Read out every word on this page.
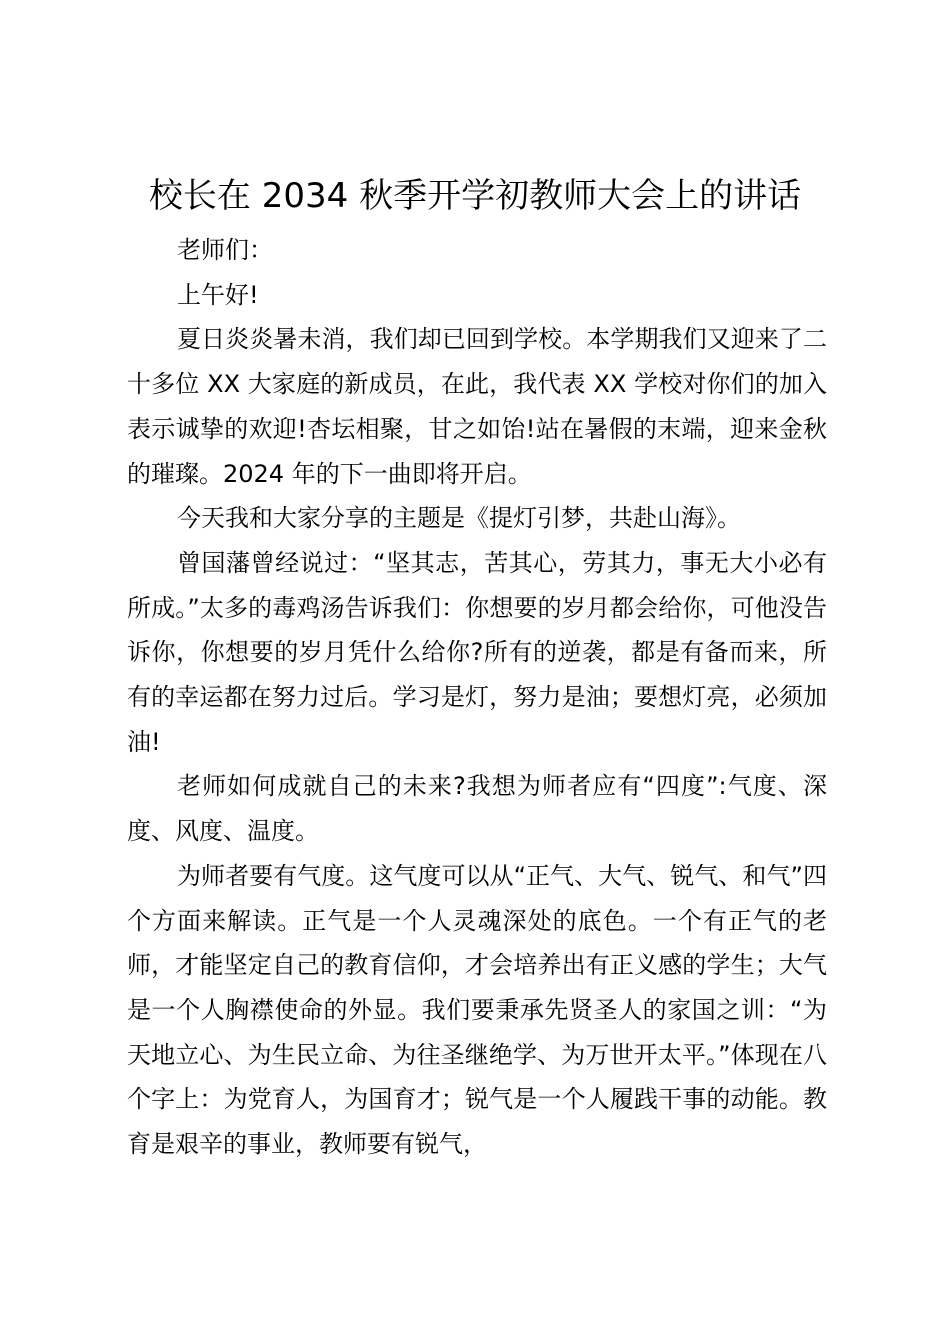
校长在 2034 秋季开学初教师大会上的讲话

老师们：

上午好!

夏日炎炎暑未消，我们却已回到学校。本学期我们又迎来了二十多位 XX 大家庭的新成员，在此，我代表 XX 学校对你们的加入表示诚挚的欢迎!杏坛相聚，甘之如饴!站在暑假的末端，迎来金秋的璀璨。2024 年的下一曲即将开启。

今天我和大家分享的主题是《提灯引梦，共赴山海》。

曾国藩曾经说过：“坚其志，苦其心，劳其力，事无大小必有所成。”太多的毒鸡汤告诉我们：你想要的岁月都会给你，可他没告诉你，你想要的岁月凭什么给你?所有的逆袭，都是有备而来，所有的幸运都在努力过后。学习是灯，努力是油；要想灯亮，必须加油!

老师如何成就自己的未来?我想为师者应有“四度”:气度、深度、风度、温度。

为师者要有气度。这气度可以从“正气、大气、锐气、和气”四个方面来解读。正气是一个人灵魂深处的底色。一个有正气的老师，才能坚定自己的教育信仰，才会培养出有正义感的学生；大气是一个人胸襟使命的外显。我们要秉承先贤圣人的家国之训：“为天地立心、为生民立命、为往圣继绝学、为万世开太平。”体现在八个字上：为党育人，为国育才；锐气是一个人履践干事的动能。教育是艰辛的事业，教师要有锐气，
